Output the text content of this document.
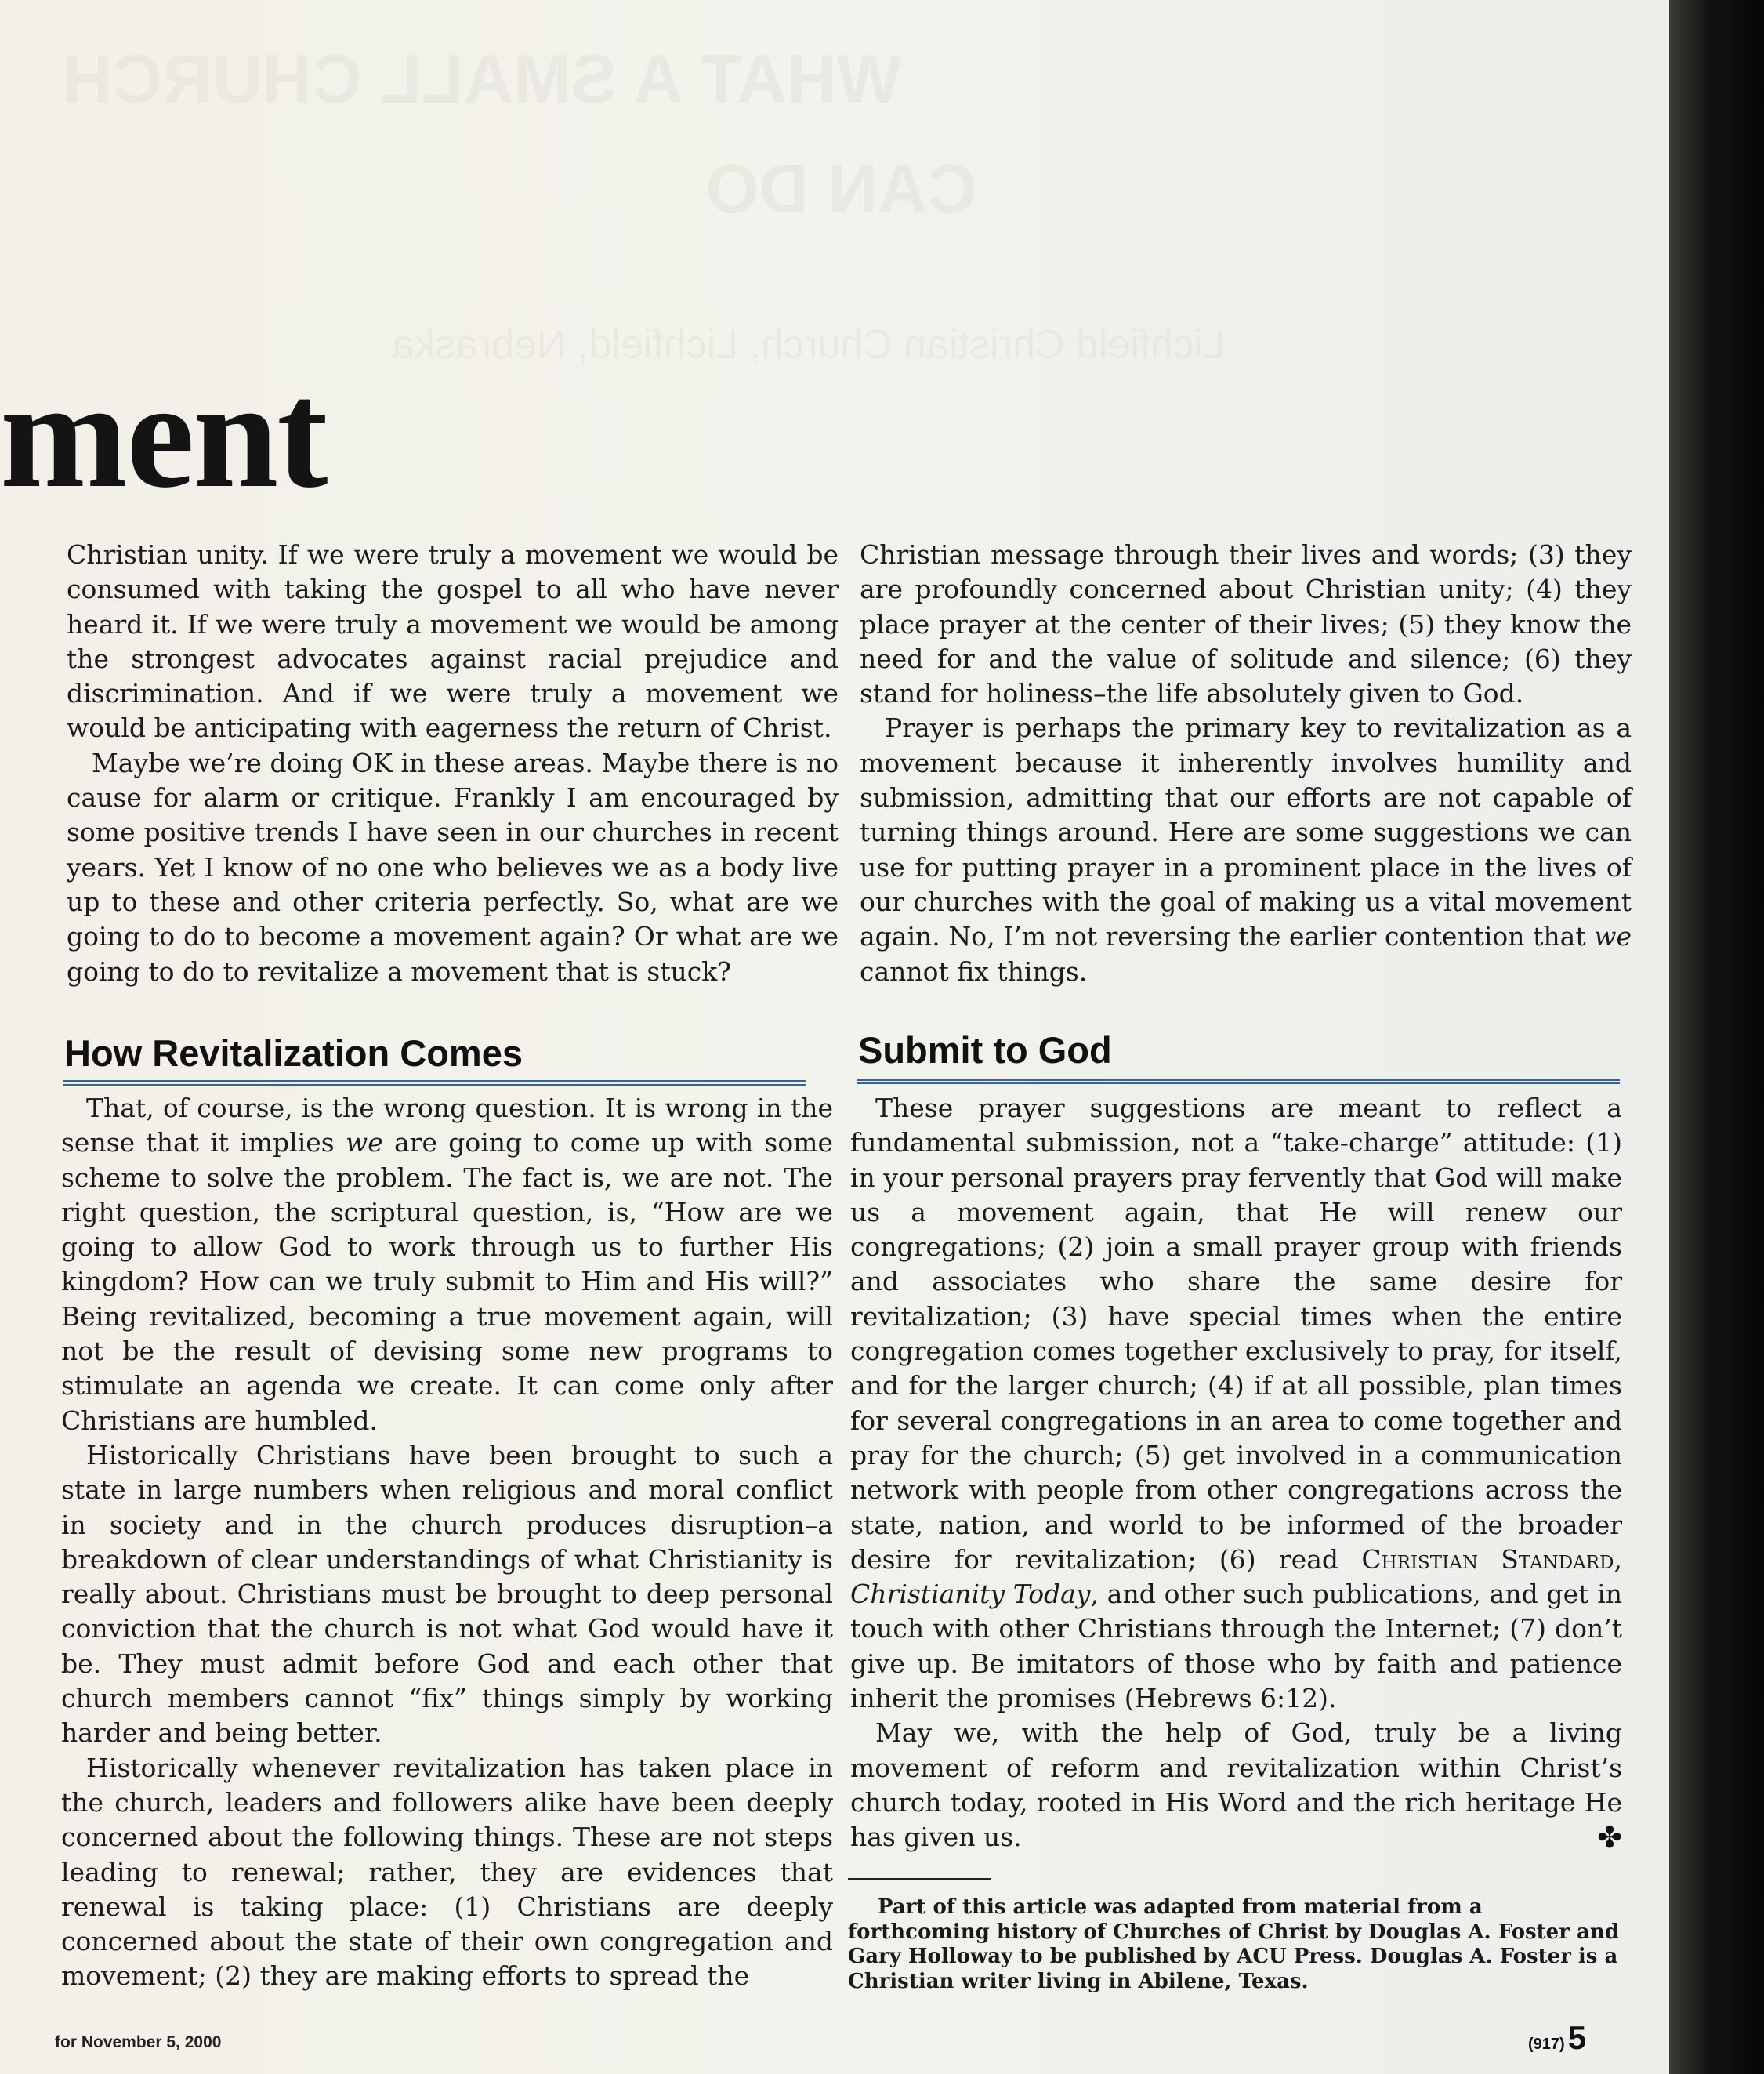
WHAT A SMALL CHURCH
CAN DO
Lichfield Christian Church, Lichfield, Nebraska
ment

Christian unity. If we were truly a movement we would be consumed with taking the gospel to all who have never heard it. If we were truly a movement we would be among the strongest advocates against racial prejudice and discrimination. And if we were truly a movement we would be anticipating with eagerness the return of Christ.

Maybe we’re doing OK in these areas. Maybe there is no cause for alarm or critique. Frankly I am encouraged by some positive trends I have seen in our churches in recent years. Yet I know of no one who believes we as a body live up to these and other criteria perfectly. So, what are we going to do to become a movement again? Or what are we going to do to revitalize a movement that is stuck?

How Revitalization Comes

That, of course, is the wrong question. It is wrong in the sense that it implies we are going to come up with some scheme to solve the problem. The fact is, we are not. The right question, the scriptural question, is, “How are we going to allow God to work through us to further His kingdom? How can we truly submit to Him and His will?” Being revitalized, becoming a true movement again, will not be the result of devising some new programs to stimulate an agenda we create. It can come only after Christians are humbled.

Historically Christians have been brought to such a state in large numbers when religious and moral conflict in society and in the church produces disruption–a breakdown of clear understandings of what Christianity is really about. Christians must be brought to deep personal conviction that the church is not what God would have it be. They must admit before God and each other that church members cannot “fix” things simply by working harder and being better.

Historically whenever revitalization has taken place in the church, leaders and followers alike have been deeply concerned about the following things. These are not steps leading to renewal; rather, they are evidences that renewal is taking place: (1) Christians are deeply concerned about the state of their own congregation and movement; (2) they are making efforts to spread the

Christian message through their lives and words; (3) they are profoundly concerned about Christian unity; (4) they place prayer at the center of their lives; (5) they know the need for and the value of solitude and silence; (6) they stand for holiness–the life absolutely given to God.

Prayer is perhaps the primary key to revitalization as a movement because it inherently involves humility and submission, admitting that our efforts are not capable of turning things around. Here are some suggestions we can use for putting prayer in a prominent place in the lives of our churches with the goal of making us a vital movement again. No, I’m not reversing the earlier contention that we cannot fix things.

Submit to God

These prayer suggestions are meant to reflect a fundamental submission, not a “take-charge” attitude: (1) in your personal prayers pray fervently that God will make us a movement again, that He will renew our congregations; (2) join a small prayer group with friends and associates who share the same desire for revitalization; (3) have special times when the entire congregation comes together exclusively to pray, for itself, and for the larger church; (4) if at all possible, plan times for several congregations in an area to come together and pray for the church; (5) get involved in a communication network with people from other congregations across the state, nation, and world to be informed of the broader desire for revitalization; (6) read Christian Standard, Christianity Today, and other such publications, and get in touch with other Christians through the Internet; (7) don’t give up. Be imitators of those who by faith and patience inherit the promises (Hebrews 6:12).

May we, with the help of God, truly be a living movement of reform and revitalization within Christ’s church today, rooted in His Word and the rich heritage He has given us.	✤

Part of this article was adapted from material from a forthcoming history of Churches of Christ by Douglas A. Foster and Gary Holloway to be published by ACU Press. Douglas A. Foster is a Christian writer living in Abilene, Texas.

for November 5, 2000	(917)5
